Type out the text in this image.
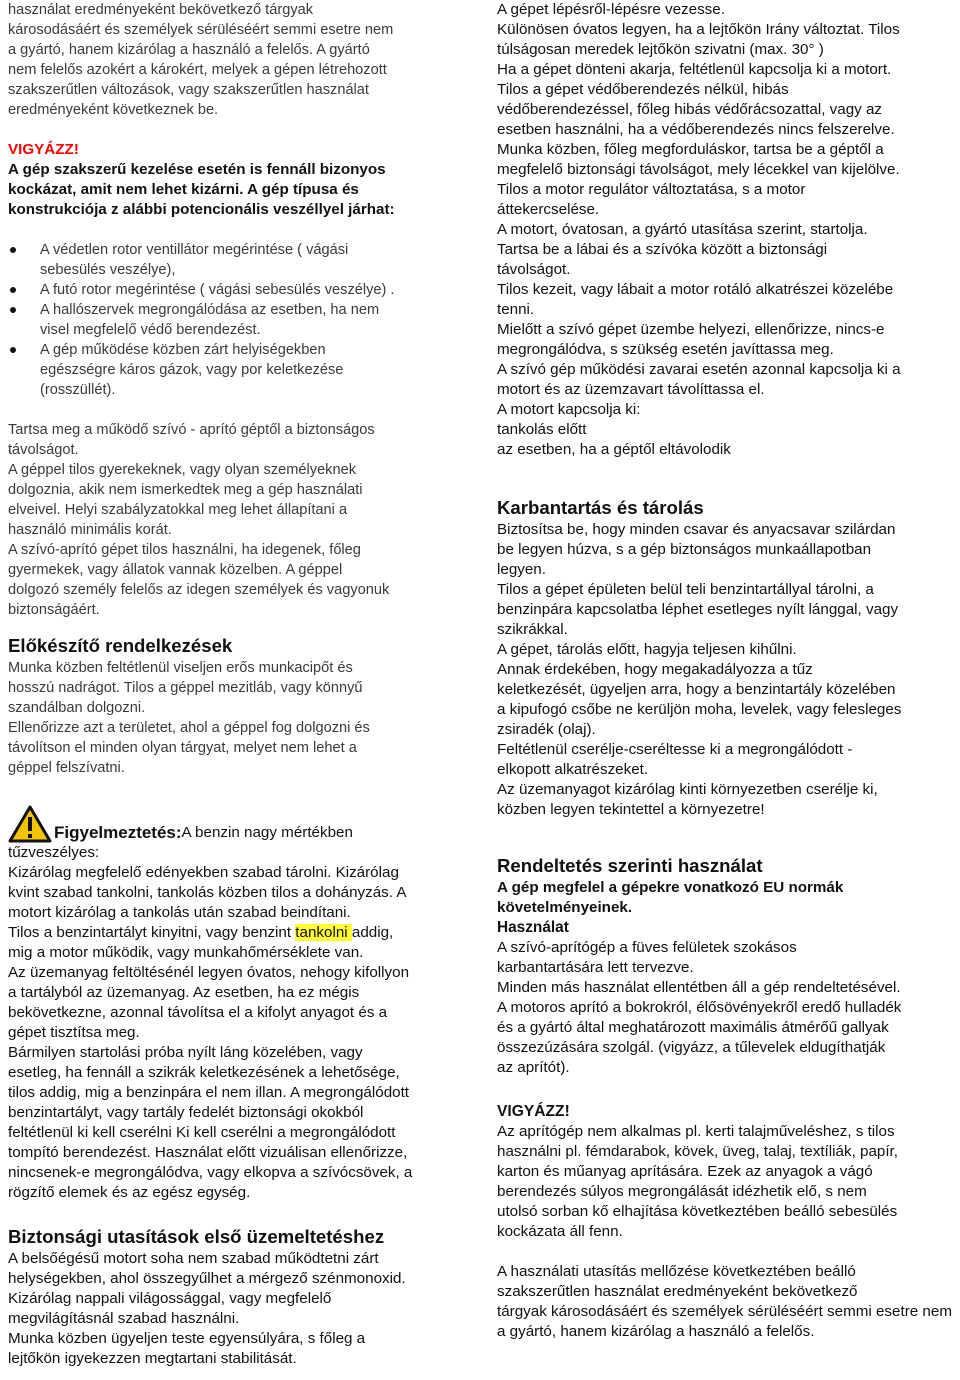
használat eredményeként bekövetkező tárgyak

károsodásáért és személyek sérüléséért semmi esetre nem

a gyártó, hanem kizárólag a használó a felelős. A gyártó

nem felelős azokért a károkért, melyek a gépen létrehozott

szakszerűtlen változások, vagy szakszerűtlen használat

eredményeként következnek be.

VIGYÁZZ!

A gép szakszerű kezelése esetén is fennáll bizonyos

kockázat, amit nem lehet kizárni. A gép típusa és

konstrukciója z alábbi potencionális veszéllyel járhat:

A védetlen rotor ventillátor megérintése ( vágási
sebesülés veszélye),
A futó rotor megérintése ( vágási sebesülés veszélye) .
A hallószervek megrongálódása az esetben, ha nem
visel megfelelő védő berendezést.
A gép működése közben zárt helyiségekben
egészségre káros gázok, vagy por keletkezése
(rosszüllét).

Tartsa meg a működő szívó - aprító géptől a biztonságos

távolságot.

A géppel tilos gyerekeknek, vagy olyan személyeknek

dolgoznia, akik nem ismerkedtek meg a gép használati

elveivel. Helyi szabályzatokkal meg lehet állapítani a

használó minimális korát.

A szívó-aprító gépet tilos használni, ha idegenek, főleg

gyermekek, vagy állatok vannak közelben. A géppel

dolgozó személy felelős az idegen személyek és vagyonuk

biztonságáért.

Előkészítő rendelkezések

Munka közben feltétlenül viseljen erős munkacipőt és

hosszú nadrágot. Tilos a géppel mezitláb, vagy könnyű

szandálban dolgozni.

Ellenőrizze azt a területet, ahol a géppel fog dolgozni és

távolítson el minden olyan tárgyat, melyet nem lehet a

géppel felszívatni.

Figyelmeztetés: A benzin nagy mértékben

tűzveszélyes:

Kizárólag megfelelő edényekben szabad tárolni. Kizárólag

kvint szabad tankolni, tankolás közben tilos a dohányzás. A

motort kizárólag a tankolás után szabad beindítani.

Tilos a benzintartályt kinyitni, vagy benzint tankolni addig,

mig a motor működik, vagy munkahőmérséklete van.

Az üzemanyag feltöltésénél legyen óvatos, nehogy kifollyon

a tartályból az üzemanyag. Az esetben, ha ez mégis

bekövetkezne, azonnal távolítsa el a kifolyt anyagot és a

gépet tisztítsa meg.

Bármilyen startolási próba nyílt láng közelében, vagy

esetleg, ha fennáll a szikrák keletkezésének a lehetősége,

tilos addig, mig a benzinpára el nem illan. A megrongálódott

benzintartályt, vagy tartály fedelét biztonsági okokból

feltétlenül ki kell cserélni Ki kell cserélni a megrongálódott

tompító berendezést. Használat előtt vizuálisan ellenőrizze,

nincsenek-e megrongálódva, vagy elkopva a szívócsövek, a

rögzítő elemek és az egész egység.

Biztonsági utasítások első üzemeltetéshez

A belsőégésű motort soha nem szabad működtetni zárt

helységekben, ahol összegyűlhet a mérgező szénmonoxid.

Kizárólag nappali világossággal, vagy megfelelő

megvilágításnál szabad használni.

Munka közben ügyeljen teste egyensúlyára, s főleg a

lejtőkön igyekezzen megtartani stabilitását.

A gépet lépésről-lépésre vezesse.

Különösen óvatos legyen, ha a lejtőkön Irány változtat. Tilos

túlságosan meredek lejtőkön szivatni (max. 30° )

Ha a gépet dönteni akarja, feltétlenül kapcsolja ki a motort.

Tilos a gépet védőberendezés nélkül, hibás

védőberendezéssel, főleg hibás védőrácsozattal, vagy az

esetben használni, ha a védőberendezés nincs felszerelve.

Munka közben, főleg megforduláskor, tartsa be a géptől a

megfelelő biztonsági távolságot, mely lécekkel van kijelölve.

Tilos a motor regulátor változtatása, s a motor

áttekercselése.

A motort, óvatosan, a gyártó utasítása szerint, startolja.

Tartsa be a lábai és a szívóka között a biztonsági

távolságot.

Tilos kezeit, vagy lábait a motor rotáló alkatrészei közelébe

tenni.

Mielőtt a szívó gépet üzembe helyezi, ellenőrizze, nincs-e

megrongálódva, s szükség esetén javíttassa meg.

A szívó gép működési zavarai esetén azonnal kapcsolja ki a

motort és az üzemzavart távolíttassa el.

A motort kapcsolja ki:

tankolás előtt

az esetben, ha a géptől eltávolodik

Karbantartás és tárolás

Biztosítsa be, hogy minden csavar és anyacsavar szilárdan

be legyen húzva, s a gép biztonságos munkaállapotban

legyen.

Tilos a gépet épületen belül teli benzintartállyal tárolni, a

benzinpára kapcsolatba léphet esetleges nyílt lánggal, vagy

szikrákkal.

A gépet, tárolás előtt, hagyja teljesen kihűlni.

Annak érdekében, hogy megakadályozza a tűz

keletkezését, ügyeljen arra, hogy a benzintartály közelében

a kipufogó csőbe ne kerüljön moha, levelek, vagy felesleges

zsiradék (olaj).

Feltétlenül cserélje-cseréltesse ki a megrongálódott -

elkopott alkatrészeket.

Az üzemanyagot kizárólag kinti környezetben cserélje ki,

közben legyen tekintettel a környezetre!

Rendeltetés szerinti használat

A gép megfelel a gépekre vonatkozó EU normák

követelményeinek.

Használat

A szívó-aprítógép a füves felületek szokásos

karbantartására lett tervezve.

Minden más használat ellentétben áll a gép rendeltetésével.

A motoros aprító a bokrokról, élősövényekről eredő hulladék

és a gyártó által meghatározott maximális átmérőű gallyak

összezúzására szolgál. (vigyázz, a tűlevelek eldugíthatják

az aprítót).

VIGYÁZZ!

Az aprítógép nem alkalmas pl. kerti talajműveléshez, s tilos

használni pl. fémdarabok, kövek, üveg, talaj, textíliák, papír,

karton és műanyag aprítására. Ezek az anyagok a vágó

berendezés súlyos megrongálását idézhetik elő, s nem

utolsó sorban kő elhajítása következtében beálló sebesülés

kockázata áll fenn.

A használati utasítás mellőzése következtében beálló

szakszerűtlen használat eredményeként bekövetkező

tárgyak károsodásáért és személyek sérüléséért semmi esetre nem

a gyártó, hanem kizárólag a használó a felelős.
